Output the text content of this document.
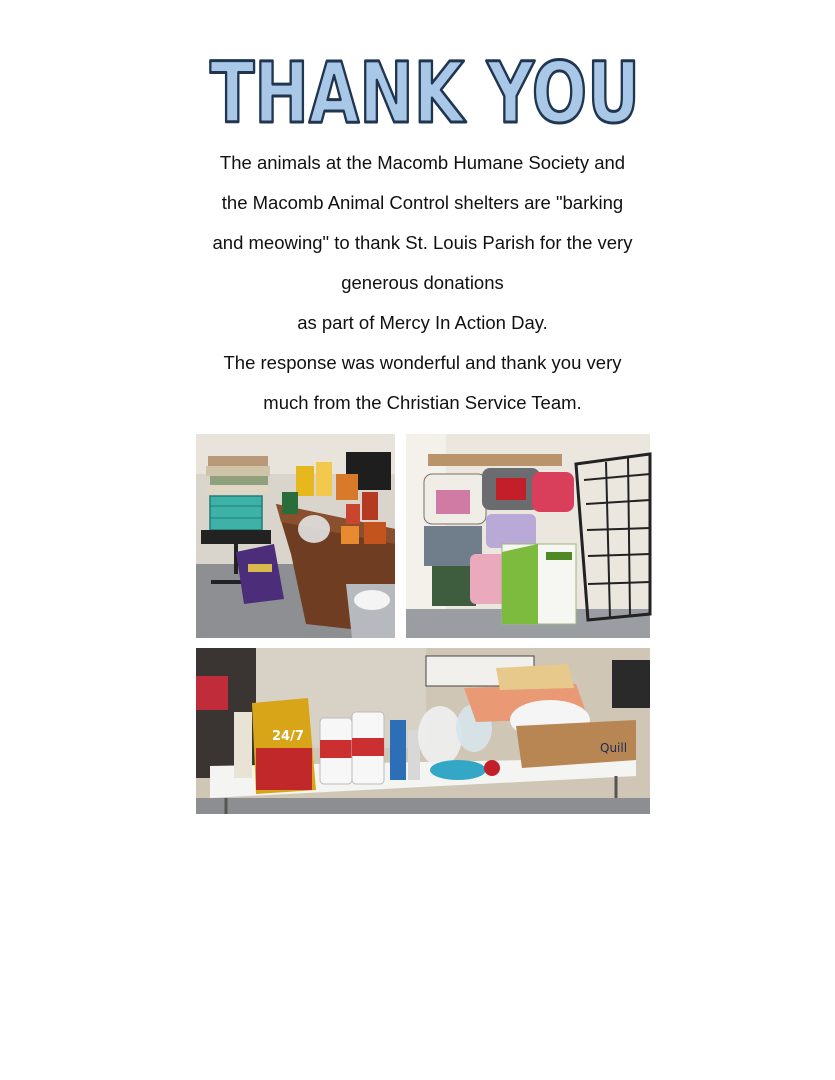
THANK YOU
The animals at the Macomb Humane Society and
the Macomb Animal Control shelters are "barking
and meowing" to thank St. Louis Parish for the very
generous donations
as part of Mercy In Action Day.
The response was wonderful and thank you very
much from the Christian Service Team.
24/7
Quill
